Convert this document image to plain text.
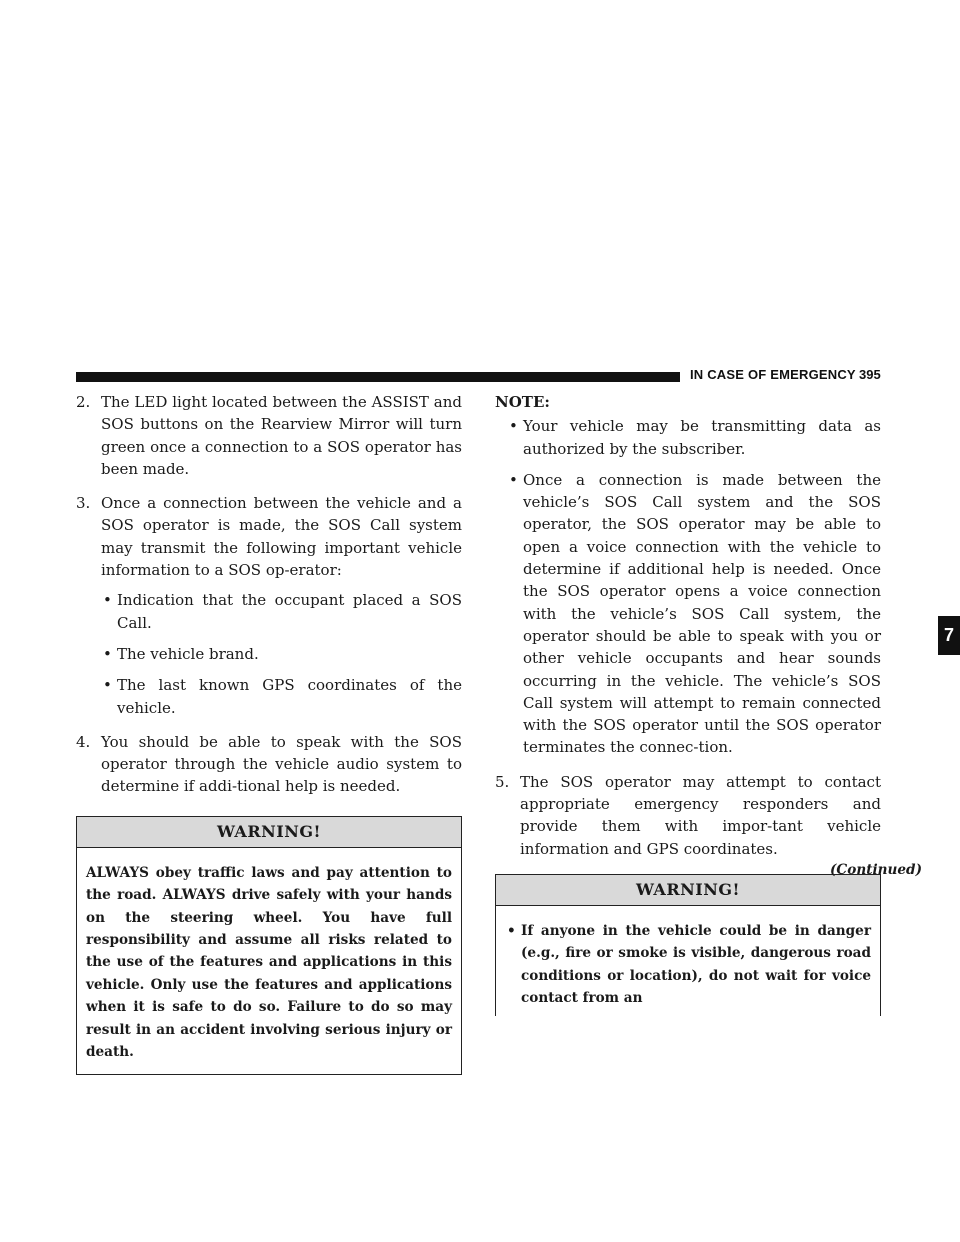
IN CASE OF EMERGENCY 395
7
2. The LED light located between the ASSIST and SOS buttons on the Rearview Mirror will turn green once a connection to a SOS operator has been made.
3. Once a connection between the vehicle and a SOS operator is made, the SOS Call system may transmit the following important vehicle information to a SOS op-erator:
• Indication that the occupant placed a SOS Call.
• The vehicle brand.
• The last known GPS coordinates of the vehicle.
4. You should be able to speak with the SOS operator through the vehicle audio system to determine if addi-tional help is needed.
WARNING!
ALWAYS obey traffic laws and pay attention to the road. ALWAYS drive safely with your hands on the steering wheel. You have full responsibility and assume all risks related to the use of the features and applications in this vehicle. Only use the features and applications when it is safe to do so. Failure to do so may result in an accident involving serious injury or death.
NOTE:
• Your vehicle may be transmitting data as authorized by the subscriber.
• Once a connection is made between the vehicle’s SOS Call system and the SOS operator, the SOS operator may be able to open a voice connection with the vehicle to determine if additional help is needed. Once the SOS operator opens a voice connection with the vehicle’s SOS Call system, the operator should be able to speak with you or other vehicle occupants and hear sounds occurring in the vehicle. The vehicle’s SOS Call system will attempt to remain connected with the SOS operator until the SOS operator terminates the connec-tion.
5. The SOS operator may attempt to contact appropriate emergency responders and provide them with impor-tant vehicle information and GPS coordinates.
WARNING!
• If anyone in the vehicle could be in danger (e.g., fire or smoke is visible, dangerous road conditions or location), do not wait for voice contact from an
(Continued)
